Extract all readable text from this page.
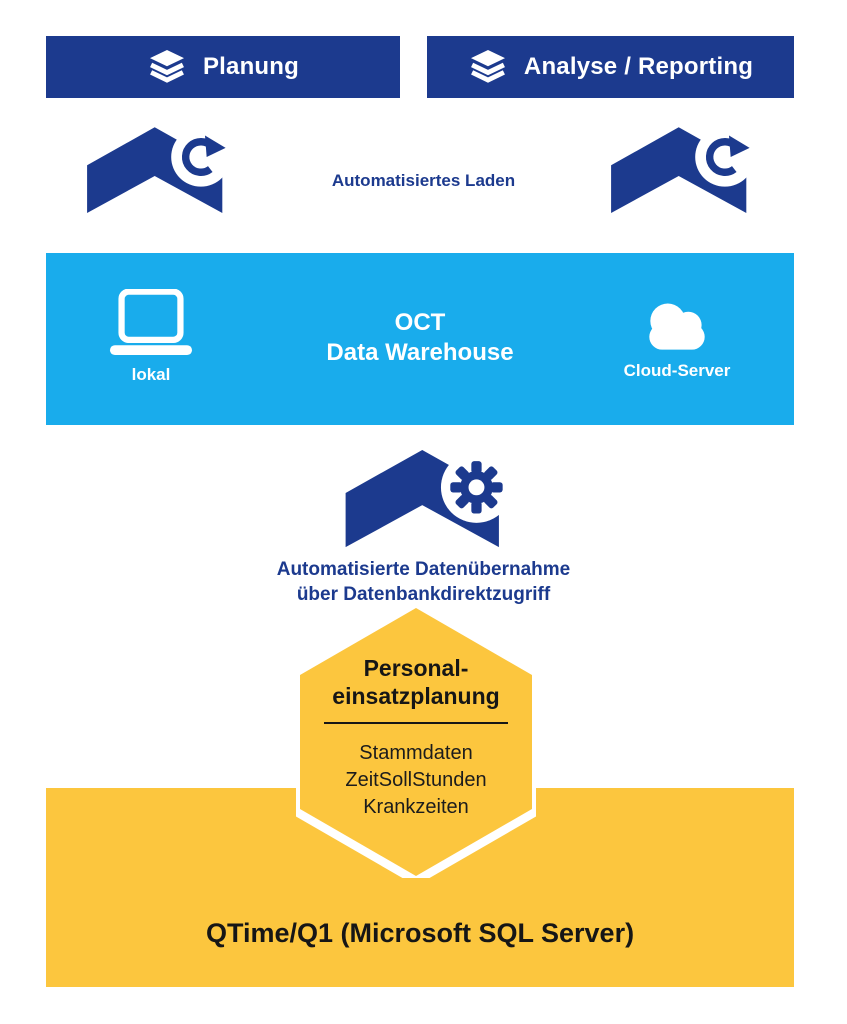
Planung	Analyse / Reporting
Automatisiertes Laden
lokal
OCT
Data Warehouse
Cloud-Server
Automatisierte Datenübernahme
über Datenbankdirektzugriff
QTime/Q1 (Microsoft SQL Server)
Personal-
einsatzplanung
Stammdaten
ZeitSollStunden
Krankzeiten
